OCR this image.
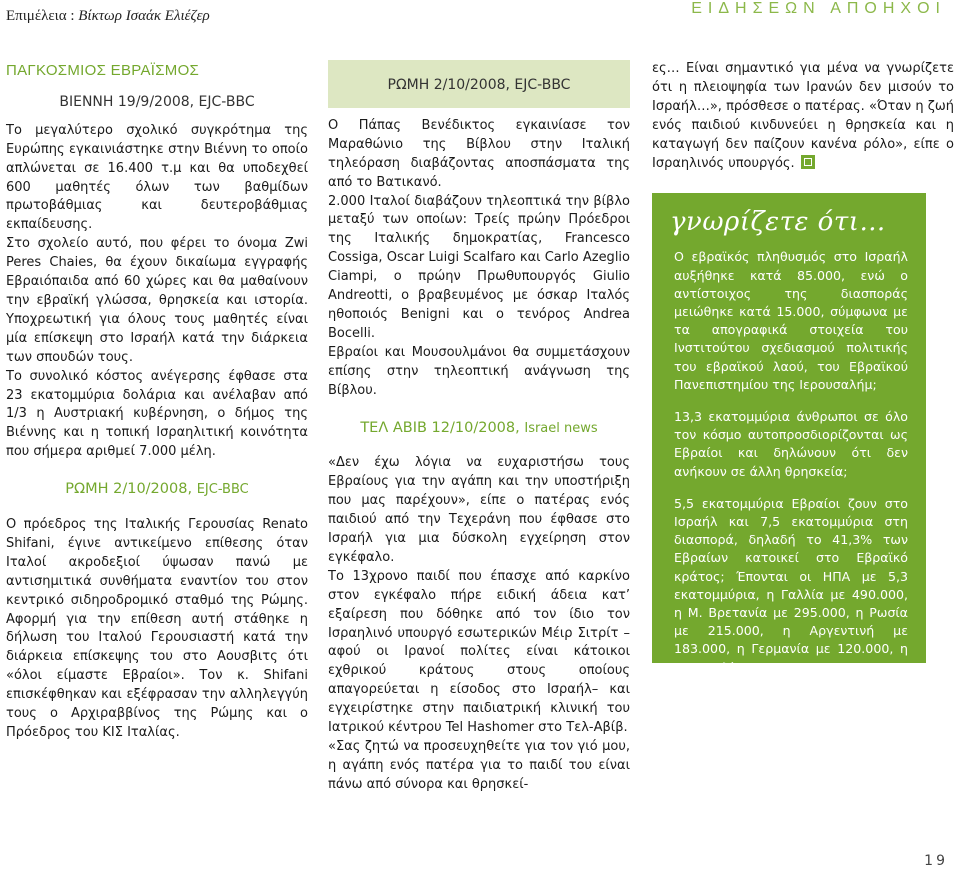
Επιμέλεια : Βίκτωρ Ισαάκ Ελιέζερ	ΕΙΔΗΣΕΩΝ ΑΠΟΗΧΟΙ
ΠΑΓΚΟΣΜΙΟΣ ΕΒΡΑΪΣΜΟΣ
ΒΙΕΝΝΗ 19/9/2008, EJC-BBC

Το μεγαλύτερο σχολικό συγκρότημα της Ευρώπης εγκαινιάστηκε στην Βιέννη το οποίο απλώνεται σε 16.400 τ.μ και θα υποδεχθεί 600 μαθητές όλων των βαθμίδων πρωτοβάθμιας και δευτεροβάθμιας εκπαίδευσης.

Στο σχολείο αυτό, που φέρει το όνομα Zwi Peres Chaies, θα έχουν δικαίωμα εγγραφής Εβραιόπαιδα από 60 χώρες και θα μαθαίνουν την εβραϊκή γλώσσα, θρησκεία και ιστορία. Υποχρεωτική για όλους τους μαθητές είναι μία επίσκεψη στο Ισραήλ κατά την διάρκεια των σπουδών τους.

Το συνολικό κόστος ανέγερσης έφθασε στα 23 εκατομμύρια δολάρια και ανέλαβαν από 1/3 η Αυστριακή κυβέρνηση, ο δήμος της Βιέννης και η τοπική Ισραηλιτική κοινότητα που σήμερα αριθμεί 7.000 μέλη.

ΡΩΜΗ 2/10/2008, EJC-BBC

Ο πρόεδρος της Ιταλικής Γερουσίας Renato Shifani, έγινε αντικείμενο επίθεσης όταν Ιταλοί ακροδεξιοί ύψωσαν πανώ με αντισημιτικά συνθήματα εναντίον του στον κεντρικό σιδηροδρομικό σταθμό της Ρώμης. Αφορμή για την επίθεση αυτή στάθηκε η δήλωση του Ιταλού Γερουσιαστή κατά την διάρκεια επίσκεψης του στο Αουσβιτς ότι «όλοι είμαστε Εβραίοι». Τον κ. Shifani επισκέφθηκαν και εξέφρασαν την αλληλεγγύη τους ο Αρχιραββίνος της Ρώμης και ο Πρόεδρος του ΚΙΣ Ιταλίας.

ΡΩΜΗ 2/10/2008, EJC-BBC

Ο Πάπας Βενέδικτος εγκαινίασε τον Μαραθώνιο της Βίβλου στην Ιταλική τηλεόραση διαβάζοντας αποσπάσματα της από το Βατικανό.

2.000 Ιταλοί διαβάζουν τηλεοπτικά την βίβλο μεταξύ των οποίων: Τρείς πρώην Πρόεδροι της Ιταλικής δημοκρατίας, Francesco Cossiga, Oscar Luigi Scalfaro και Carlo Azeglio Ciampi, ο πρώην Πρωθυπουργός Giulio Andreotti, ο βραβευμένος με όσκαρ Ιταλός ηθοποιός Benigni και ο τενόρος Andrea Bocelli.

Εβραίοι και Μουσουλμάνοι θα συμμετάσχουν επίσης στην τηλεοπτική ανάγνωση της Βίβλου.

ΤΕΛ ΑΒΙΒ 12/10/2008, Israel news

«Δεν έχω λόγια να ευχαριστήσω τους Εβραίους για την αγάπη και την υποστήριξη που μας παρέχουν», είπε ο πατέρας ενός παιδιού από την Τεχεράνη που έφθασε στο Ισραήλ για μια δύσκολη εγχείρηση στον εγκέφαλο.

Το 13χρονο παιδί που έπασχε από καρκίνο στον εγκέφαλο πήρε ειδική άδεια κατ’ εξαίρεση που δόθηκε από τον ίδιο τον Ισραηλινό υπουργό εσωτερικών Μέιρ Σιτρίτ –αφού οι Ιρανοί πολίτες είναι κάτοικοι εχθρικού κράτους στους οποίους απαγορεύεται η είσοδος στο Ισραήλ– και εγχειρίστηκε στην παιδιατρική κλινική του Ιατρικού κέντρου Tel Hashomer στο Τελ-Αβίβ.

«Σας ζητώ να προσευχηθείτε για τον γιό μου, η αγάπη ενός πατέρα για το παιδί του είναι πάνω από σύνορα και θρησκεί-

ες… Είναι σημαντικό για μένα να γνωρίζετε ότι η πλειοψηφία των Ιρανών δεν μισούν το Ισραήλ…», πρόσθεσε ο πατέρας. «Όταν η ζωή ενός παιδιού κινδυνεύει η θρησκεία και η καταγωγή δεν παίζουν κανένα ρόλο», είπε ο Ισραηλινός υπουργός.

γνωρίζετε ότι…

Ο εβραϊκός πληθυσμός στο Ισραήλ αυξήθηκε κατά 85.000, ενώ ο αντίστοιχος της διασποράς μειώθηκε κατά 15.000, σύμφωνα με τα απογραφικά στοιχεία του Ινστιτούτου σχεδιασμού πολιτικής του εβραϊκού λαού, του Εβραϊκού Πανεπιστημίου της Ιερουσαλήμ;

13,3 εκατομμύρια άνθρωποι σε όλο τον κόσμο αυτοπροσδιορίζονται ως Εβραίοι και δηλώνουν ότι δεν ανήκουν σε άλλη θρησκεία;

5,5 εκατομμύρια Εβραίοι ζουν στο Ισραήλ και 7,5 εκατομμύρια στη διασπορά, δηλαδή το 41,3% των Εβραίων κατοικεί στο Εβραϊκό κράτος; Έπονται οι ΗΠΑ με 5,3 εκατομμύρια, η Γαλλία με 490.000, η Μ. Βρετανία με 295.000, η Ρωσία με 215.000, η Αργεντινή με 183.000, η Γερμανία με 120.000, η Αυστραλία με 107.000 και η Βραζιλία με 96.000.

Ένας Εβραίος ζει στο Αφγανιστάν, ενώ σε 95 χώρες ζουν τουλάχιστον 100 Εβραίοι;

19
